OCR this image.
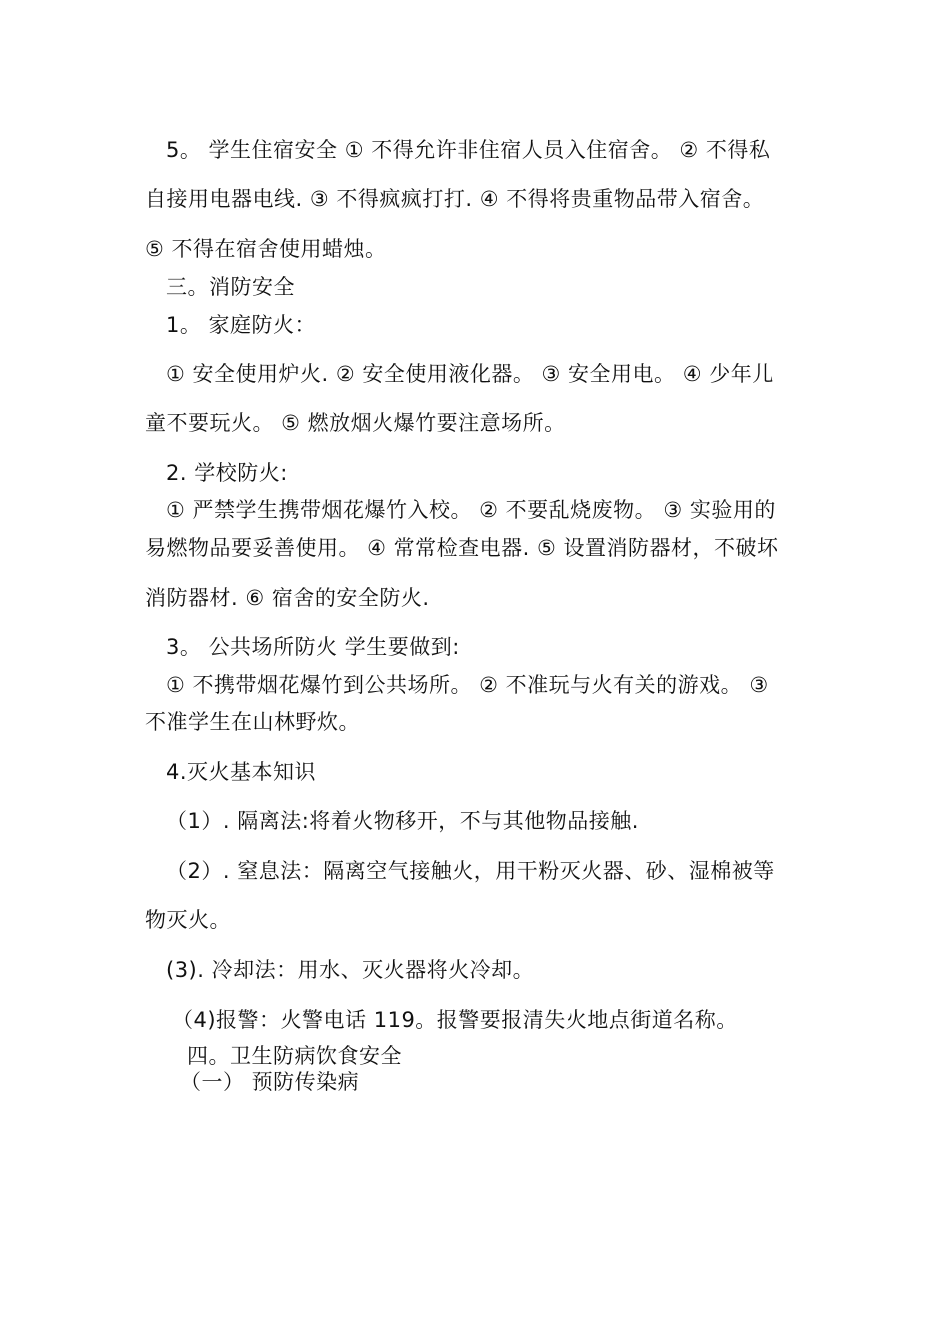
5。 学生住宿安全 ① 不得允许非住宿人员入住宿舍。 ② 不得私
自接用电器电线. ③ 不得疯疯打打. ④ 不得将贵重物品带入宿舍。
⑤ 不得在宿舍使用蜡烛。
三。消防安全
1。 家庭防火：
① 安全使用炉火. ② 安全使用液化器。 ③ 安全用电。 ④ 少年儿
童不要玩火。 ⑤ 燃放烟火爆竹要注意场所。
2. 学校防火:
① 严禁学生携带烟花爆竹入校。 ② 不要乱烧废物。 ③ 实验用的
易燃物品要妥善使用。 ④ 常常检查电器. ⑤ 设置消防器材，不破坏
消防器材. ⑥ 宿舍的安全防火.
3。 公共场所防火 学生要做到:
① 不携带烟花爆竹到公共场所。 ② 不准玩与火有关的游戏。 ③
不准学生在山林野炊。
4.灭火基本知识
（1）. 隔离法:将着火物移开，不与其他物品接触.
（2）. 窒息法：隔离空气接触火，用干粉灭火器、砂、湿棉被等
物灭火。
(3). 冷却法：用水、灭火器将火冷却。
（4)报警：火警电话 119。报警要报清失火地点街道名称。
四。卫生防病饮食安全
（一） 预防传染病
